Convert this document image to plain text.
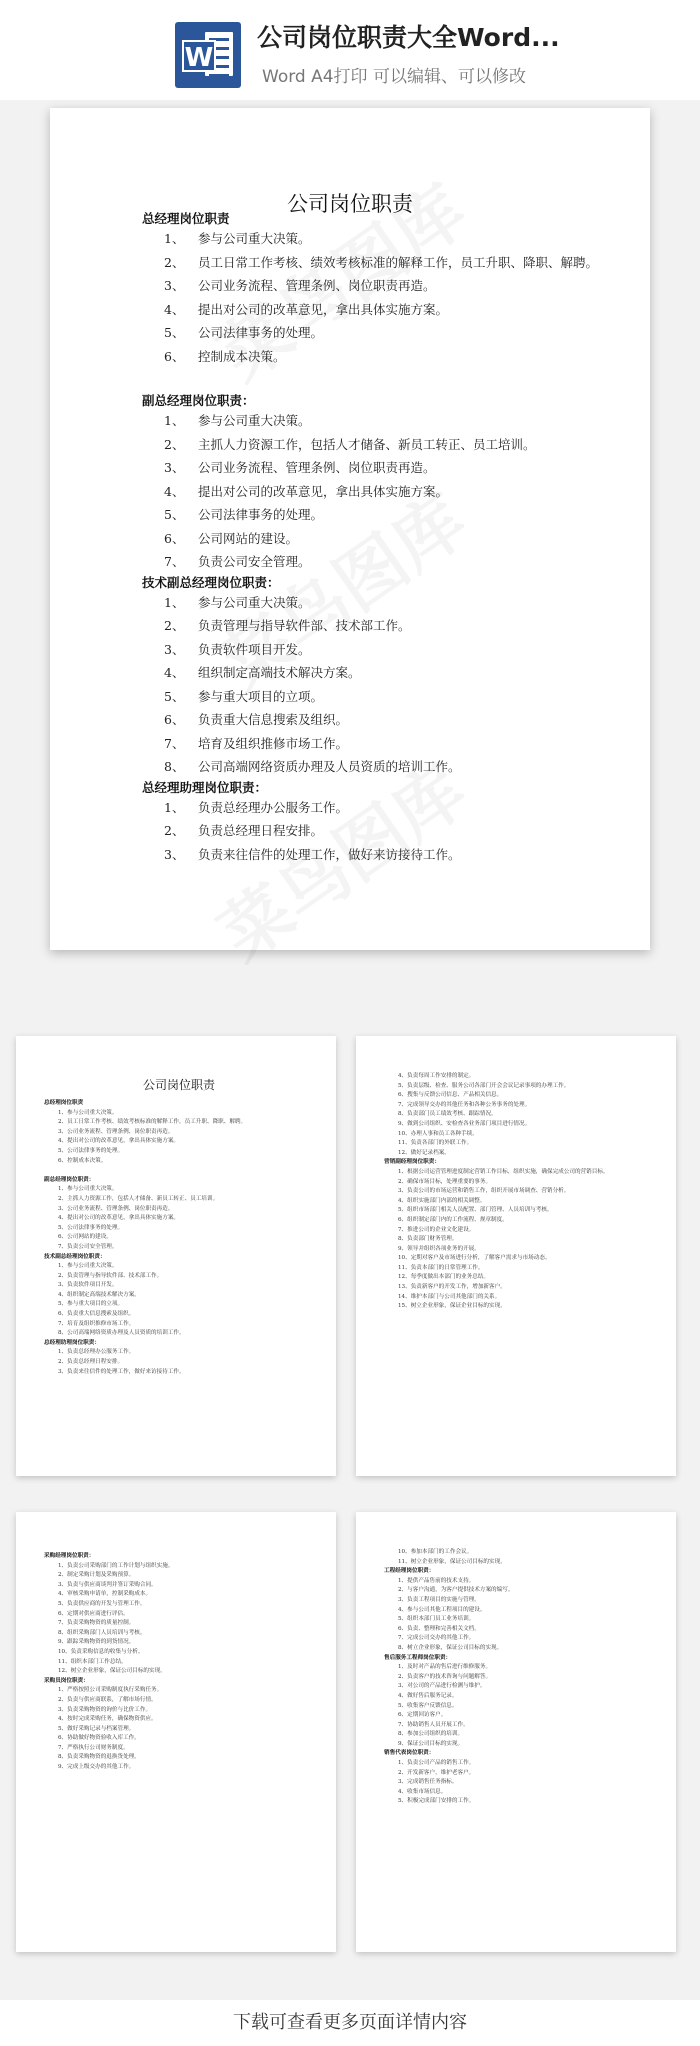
W
公司岗位职责大全Word...
Word A4打印 可以编辑、可以修改
公司岗位职责
总经理岗位职责
1、	参与公司重大决策。
2、	员工日常工作考核、绩效考核标准的解释工作，员工升职、降职、解聘。
3、	公司业务流程、管理条例、岗位职责再造。
4、	提出对公司的改革意见，拿出具体实施方案。
5、	公司法律事务的处理。
6、	控制成本决策。
副总经理岗位职责：
1、	参与公司重大决策。
2、	主抓人力资源工作，包括人才储备、新员工转正、员工培训。
3、	公司业务流程、管理条例、岗位职责再造。
4、	提出对公司的改革意见，拿出具体实施方案。
5、	公司法律事务的处理。
6、	公司网站的建设。
7、	负责公司安全管理。
技术副总经理岗位职责：
1、	参与公司重大决策。
2、	负责管理与指导软件部、技术部工作。
3、	负责软件项目开发。
4、	组织制定高端技术解决方案。
5、	参与重大项目的立项。
6、	负责重大信息搜索及组织。
7、	培育及组织推修市场工作。
8、	公司高端网络资质办理及人员资质的培训工作。
总经理助理岗位职责：
1、	负责总经理办公服务工作。
2、	负责总经理日程安排。
3、	负责来往信件的处理工作，做好来访接待工作。
公司岗位职责
总经理岗位职责
1、参与公司重大决策。
2、员工日常工作考核、绩效考核标准的解释工作，员工升职、降职、解聘。
3、公司业务流程、管理条例、岗位职责再造。
4、提出对公司的改革意见，拿出具体实施方案。
5、公司法律事务的处理。
6、控制成本决策。

副总经理岗位职责：
1、参与公司重大决策。
2、主抓人力资源工作，包括人才储备、新员工转正、员工培训。
3、公司业务流程、管理条例、岗位职责再造。
4、提出对公司的改革意见，拿出具体实施方案。
5、公司法律事务的处理。
6、公司网站的建设。
7、负责公司安全管理。
技术副总经理岗位职责：
1、参与公司重大决策。
2、负责管理与指导软件部、技术部工作。
3、负责软件项目开发。
4、组织制定高端技术解决方案。
5、参与重大项目的立项。
6、负责重大信息搜索及组织。
7、培育及组织推修市场工作。
8、公司高端网络资质办理及人员资质的培训工作。
总经理助理岗位职责：
1、负责总经理办公服务工作。
2、负责总经理日程安排。
3、负责来往信件的处理工作，做好来访接待工作。
4、负责每周工作安排的制定。
5、负责层级、检查、服务公司各部门开会会议记录事项的办理工作。
6、搜集与反馈公司信息、产品相关信息。
7、完成领导交办的其他任务和各种公务事务的处理。
8、负责部门员工绩效考核、跟踪情况。
9、做到公司组织、安检查各业务部门项目进行情况。
10、办理人事和员工各种手续。
11、负责各部门的外联工作。
12、做好记录档案。
营销副经理岗位职责：
1、根据公司运营管理进度制定营销工作目标，组织实施，确保完成公司的营销目标。
2、确保市场目标，处理重要的事务。
3、负责公司的市场运营和销售工作，组织开展市场调查、营销分析。
4、组织实施部门内部的相关调整。
5、组织市场部门相关人员配置、部门管理、人员培训与考核。
6、组织制定部门内的工作流程、规章制度。
7、推进公司的企业文化建设。
8、负责部门财务管理。
9、领导并组织各项业务的开展。
10、定期对客户及市场进行分析，了解客户需求与市场动态。
11、负责本部门的日常管理工作。
12、每季度做出本部门的业务总结。
13、负责新客户的开发工作，增加新客户。
14、维护本部门与公司其他部门的关系。
15、树立企业形象，保证企业目标的实现。
采购经理岗位职责：
1、负责公司采购部门的工作计划与组织实施。
2、制定采购计划及采购预算。
3、负责与供应商谈判并签订采购合同。
4、审核采购申请单，控制采购成本。
5、负责供应商的开发与管理工作。
6、定期对供应商进行评估。
7、负责采购物资的质量控制。
8、组织采购部门人员培训与考核。
9、跟踪采购物资的到货情况。
10、负责采购信息的收集与分析。
11、组织本部门工作总结。
12、树立企业形象，保证公司目标的实现。
采购员岗位职责：
1、严格按照公司采购制度执行采购任务。
2、负责与供应商联系，了解市场行情。
3、负责采购物资的询价与比价工作。
4、按时完成采购任务，确保物资供应。
5、做好采购记录与档案管理。
6、协助做好物资验收入库工作。
7、严格执行公司财务制度。
8、负责采购物资的退换货处理。
9、完成上级交办的其他工作。
10、参加本部门的工作会议。
11、树立企业形象，保证公司目标的实现。
工程经理岗位职责：
1、提供产品售前的技术支持。
2、与客户沟通，为客户提供技术方案的编写。
3、负责工程项目的实施与管理。
4、参与公司其他工程项目的建设。
5、组织本部门员工业务培训。
6、负责、整理和完善相关文档。
7、完成公司交办的其他工作。
8、树立企业形象，保证公司目标的实现。
售后服务工程师岗位职责：
1、及时对产品的售后进行维修服务。
2、负责客户的技术咨询与问题解答。
3、对公司的产品进行检测与维护。
4、做好售后服务记录。
5、收集客户反馈信息。
6、定期回访客户。
7、协助销售人员开展工作。
8、参加公司组织的培训。
9、保证公司目标的实现。
销售代表岗位职责：
1、负责公司产品的销售工作。
2、开发新客户，维护老客户。
3、完成销售任务指标。
4、收集市场信息。
5、积极完成部门安排的工作。
下载可查看更多页面详情内容
